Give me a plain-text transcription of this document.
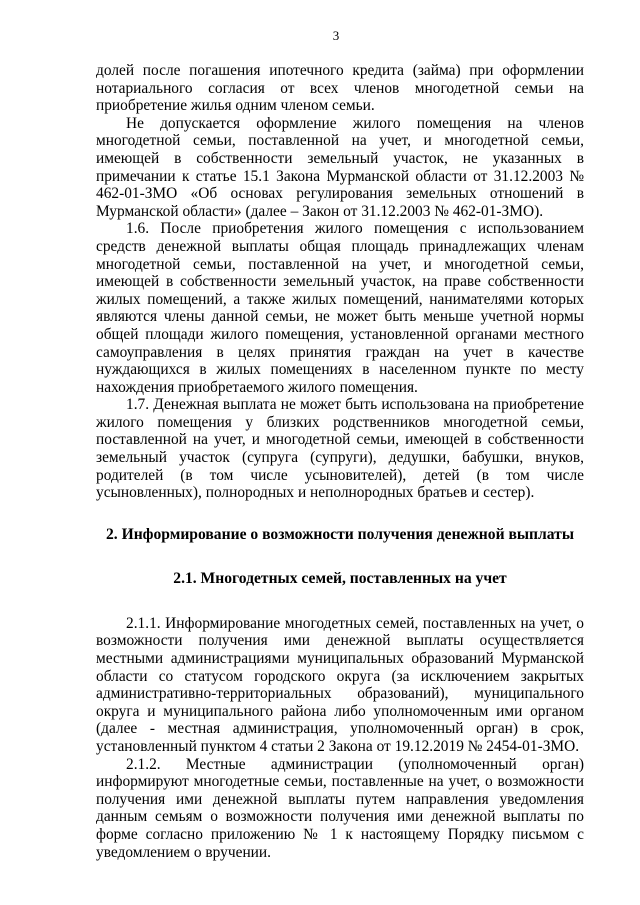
3

долей после погашения ипотечного кредита (займа) при оформлении нотариального согласия от всех членов многодетной семьи на приобретение жилья одним членом семьи.

Не допускается оформление жилого помещения на членов многодетной семьи, поставленной на учет, и многодетной семьи, имеющей в собственности земельный участок, не указанных в примечании к статье 15.1 Закона Мурманской области от 31.12.2003 № 462-01-ЗМО «Об основах регулирования земельных отношений в Мурманской области» (далее – Закон от 31.12.2003 № 462-01-ЗМО).

1.6. После приобретения жилого помещения с использованием средств денежной выплаты общая площадь принадлежащих членам многодетной семьи, поставленной на учет, и многодетной семьи, имеющей в собственности земельный участок, на праве собственности жилых помещений, а также жилых помещений, нанимателями которых являются члены данной семьи, не может быть меньше учетной нормы общей площади жилого помещения, установленной органами местного самоуправления в целях принятия граждан на учет в качестве нуждающихся в жилых помещениях в населенном пункте по месту нахождения приобретаемого жилого помещения.

1.7. Денежная выплата не может быть использована на приобретение жилого помещения у близких родственников многодетной семьи, поставленной на учет, и многодетной семьи, имеющей в собственности земельный участок (супруга (супруги), дедушки, бабушки, внуков, родителей (в том числе усыновителей), детей (в том числе усыновленных), полнородных и неполнородных братьев и сестер).

2. Информирование о возможности получения денежной выплаты
2.1. Многодетных семей, поставленных на учет

2.1.1. Информирование многодетных семей, поставленных на учет, о возможности получения ими денежной выплаты осуществляется местными администрациями муниципальных образований Мурманской области со статусом городского округа (за исключением закрытых административно-территориальных образований), муниципального округа и муниципального района либо уполномоченным ими органом (далее - местная администрация, уполномоченный орган) в срок, установленный пунктом 4 статьи 2 Закона от 19.12.2019 № 2454-01-ЗМО.

2.1.2. Местные администрации (уполномоченный орган) информируют многодетные семьи, поставленные на учет, о возможности получения ими денежной выплаты путем направления уведомления данным семьям о возможности получения ими денежной выплаты по форме согласно приложению № 1 к настоящему Порядку письмом с уведомлением о вручении.
